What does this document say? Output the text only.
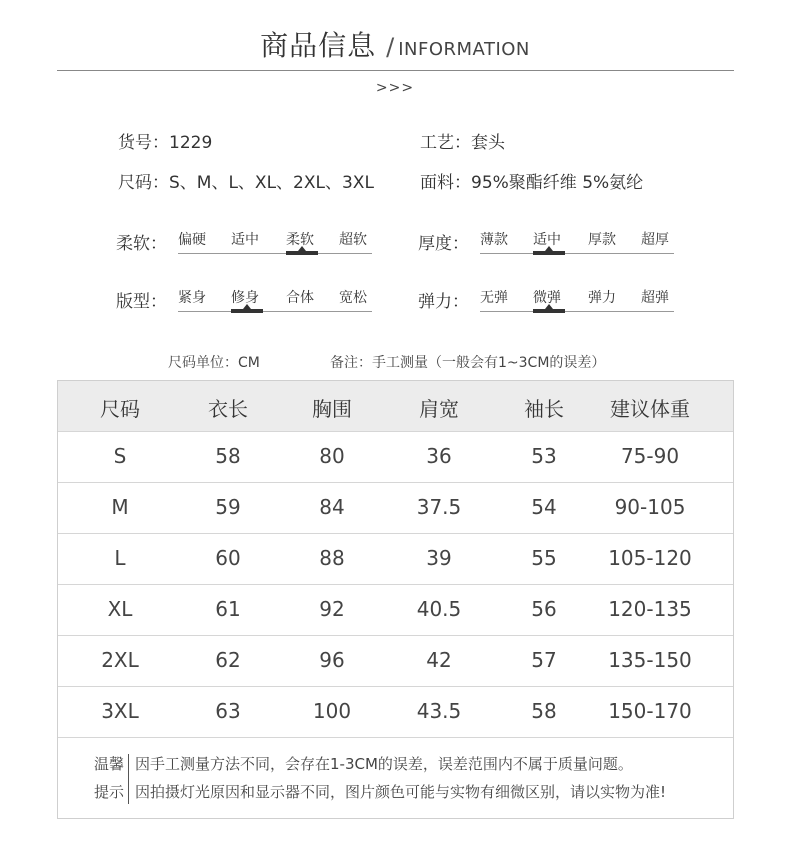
商品信息 / INFORMATION
>>>
货号：1229	工艺：套头
尺码：S、M、L、XL、2XL、3XL	面料：95%聚酯纤维 5%氨纶
柔软： 偏硬 适中 柔软 超软	厚度： 薄款 适中 厚款 超厚
版型： 紧身 修身 合体 宽松	弹力： 无弹 微弹 弹力 超弹
尺码单位：CM	备注：手工测量（一般会有1~3CM的误差）
尺码	衣长	胸围	肩宽	袖长	建议体重
S	58	80	36	53	75-90
M	59	84	37.5	54	90-105
L	60	88	39	55	105-120
XL	61	92	40.5	56	120-135
2XL	62	96	42	57	135-150
3XL	63	100	43.5	58	150-170
温馨
提示
因手工测量方法不同，会存在1-3CM的误差，误差范围内不属于质量问题。
因拍摄灯光原因和显示器不同，图片颜色可能与实物有细微区别，请以实物为准!
